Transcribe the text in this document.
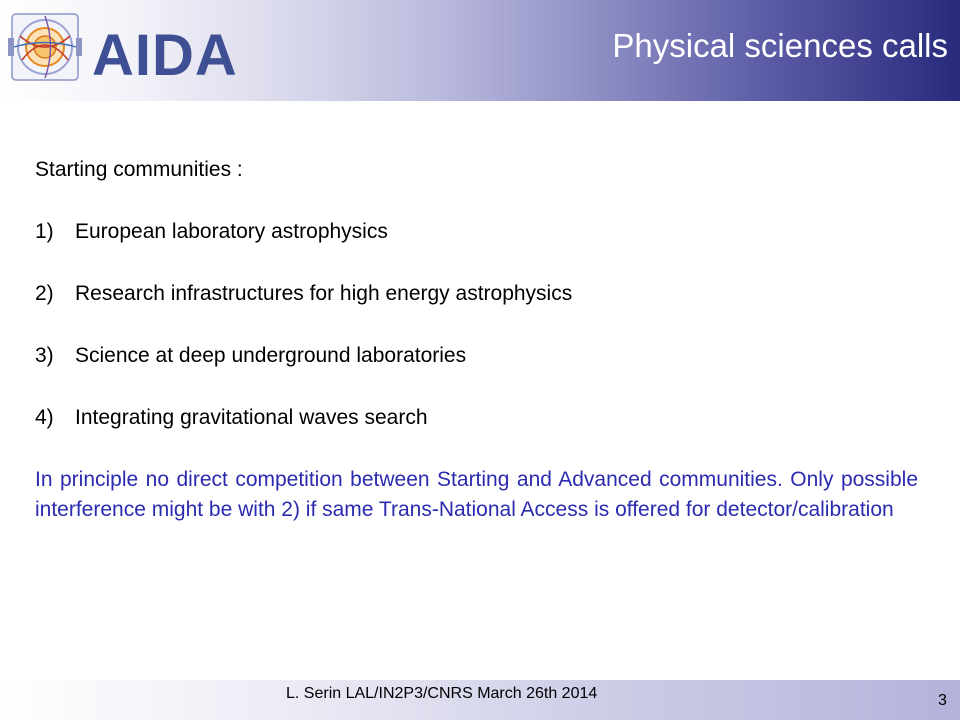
AIDA	Physical sciences calls

Starting communities :

1)	European laboratory astrophysics
2)	Research infrastructures for high energy astrophysics
3)	Science at deep underground laboratories
4)	Integrating gravitational waves search

In principle no direct competition between Starting and Advanced communities. Only possible interference might be with 2) if same Trans-National Access is offered for detector/calibration

L. Serin LAL/IN2P3/CNRS March 26th 2014	3
